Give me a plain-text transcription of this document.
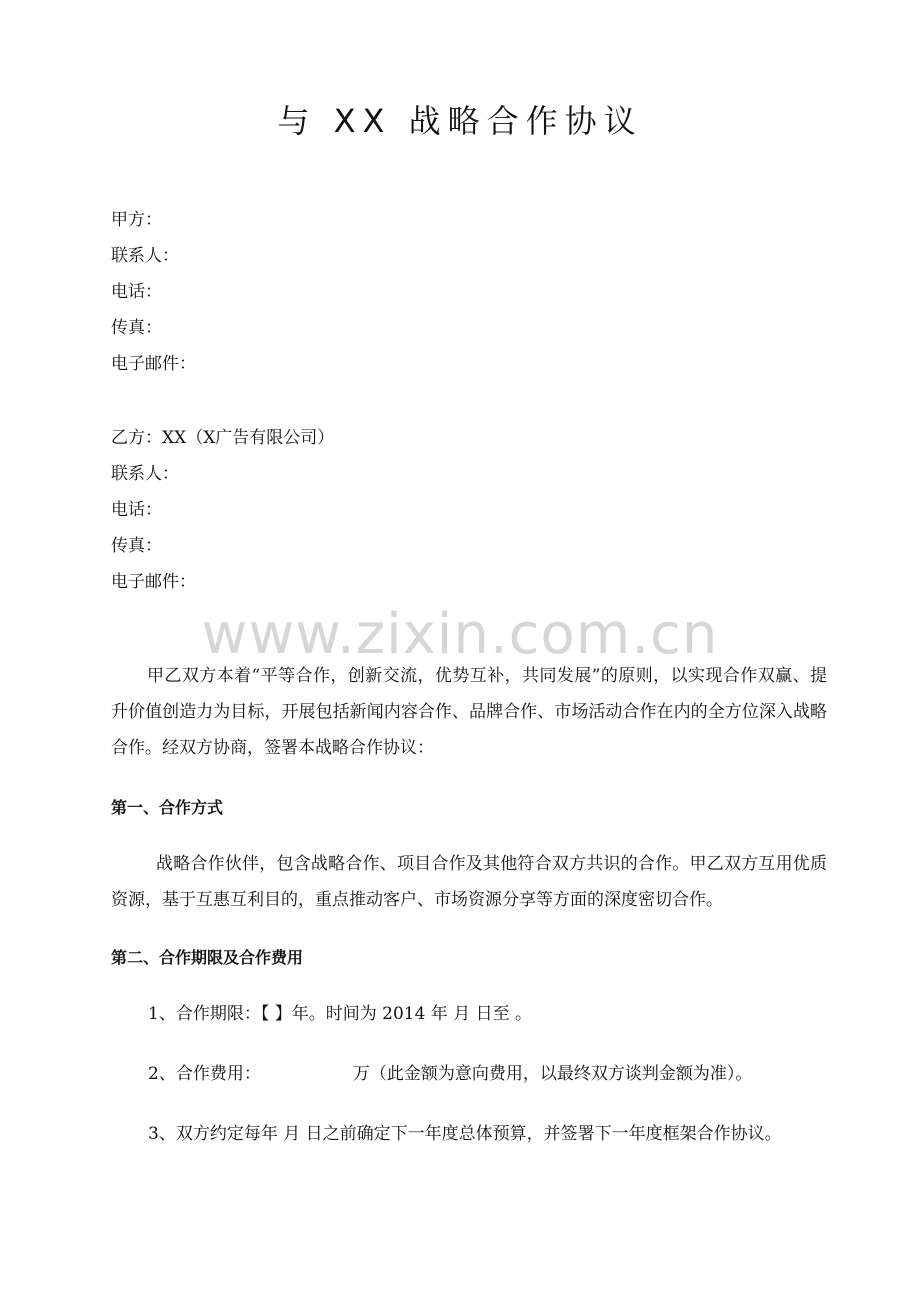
与 XX 战略合作协议
甲方：
联系人：
电话：
传真：
电子邮件：
乙方：XX（X广告有限公司）
联系人：
电话：
传真：
电子邮件：
www.zixin.com.cn
甲乙双方本着“平等合作，创新交流，优势互补，共同发展”的原则，以实现合作双赢、提升价值创造力为目标，开展包括新闻内容合作、品牌合作、市场活动合作在内的全方位深入战略合作。经双方协商，签署本战略合作协议：
第一、合作方式
战略合作伙伴，包含战略合作、项目合作及其他符合双方共识的合作。甲乙双方互用优质资源，基于互惠互利目的，重点推动客户、市场资源分享等方面的深度密切合作。
第二、合作期限及合作费用
1、合作期限：【 】年。时间为 2014 年 月 日至 。
2、合作费用：	万（此金额为意向费用，以最终双方谈判金额为准）。
3、双方约定每年 月 日之前确定下一年度总体预算，并签署下一年度框架合作协议。
